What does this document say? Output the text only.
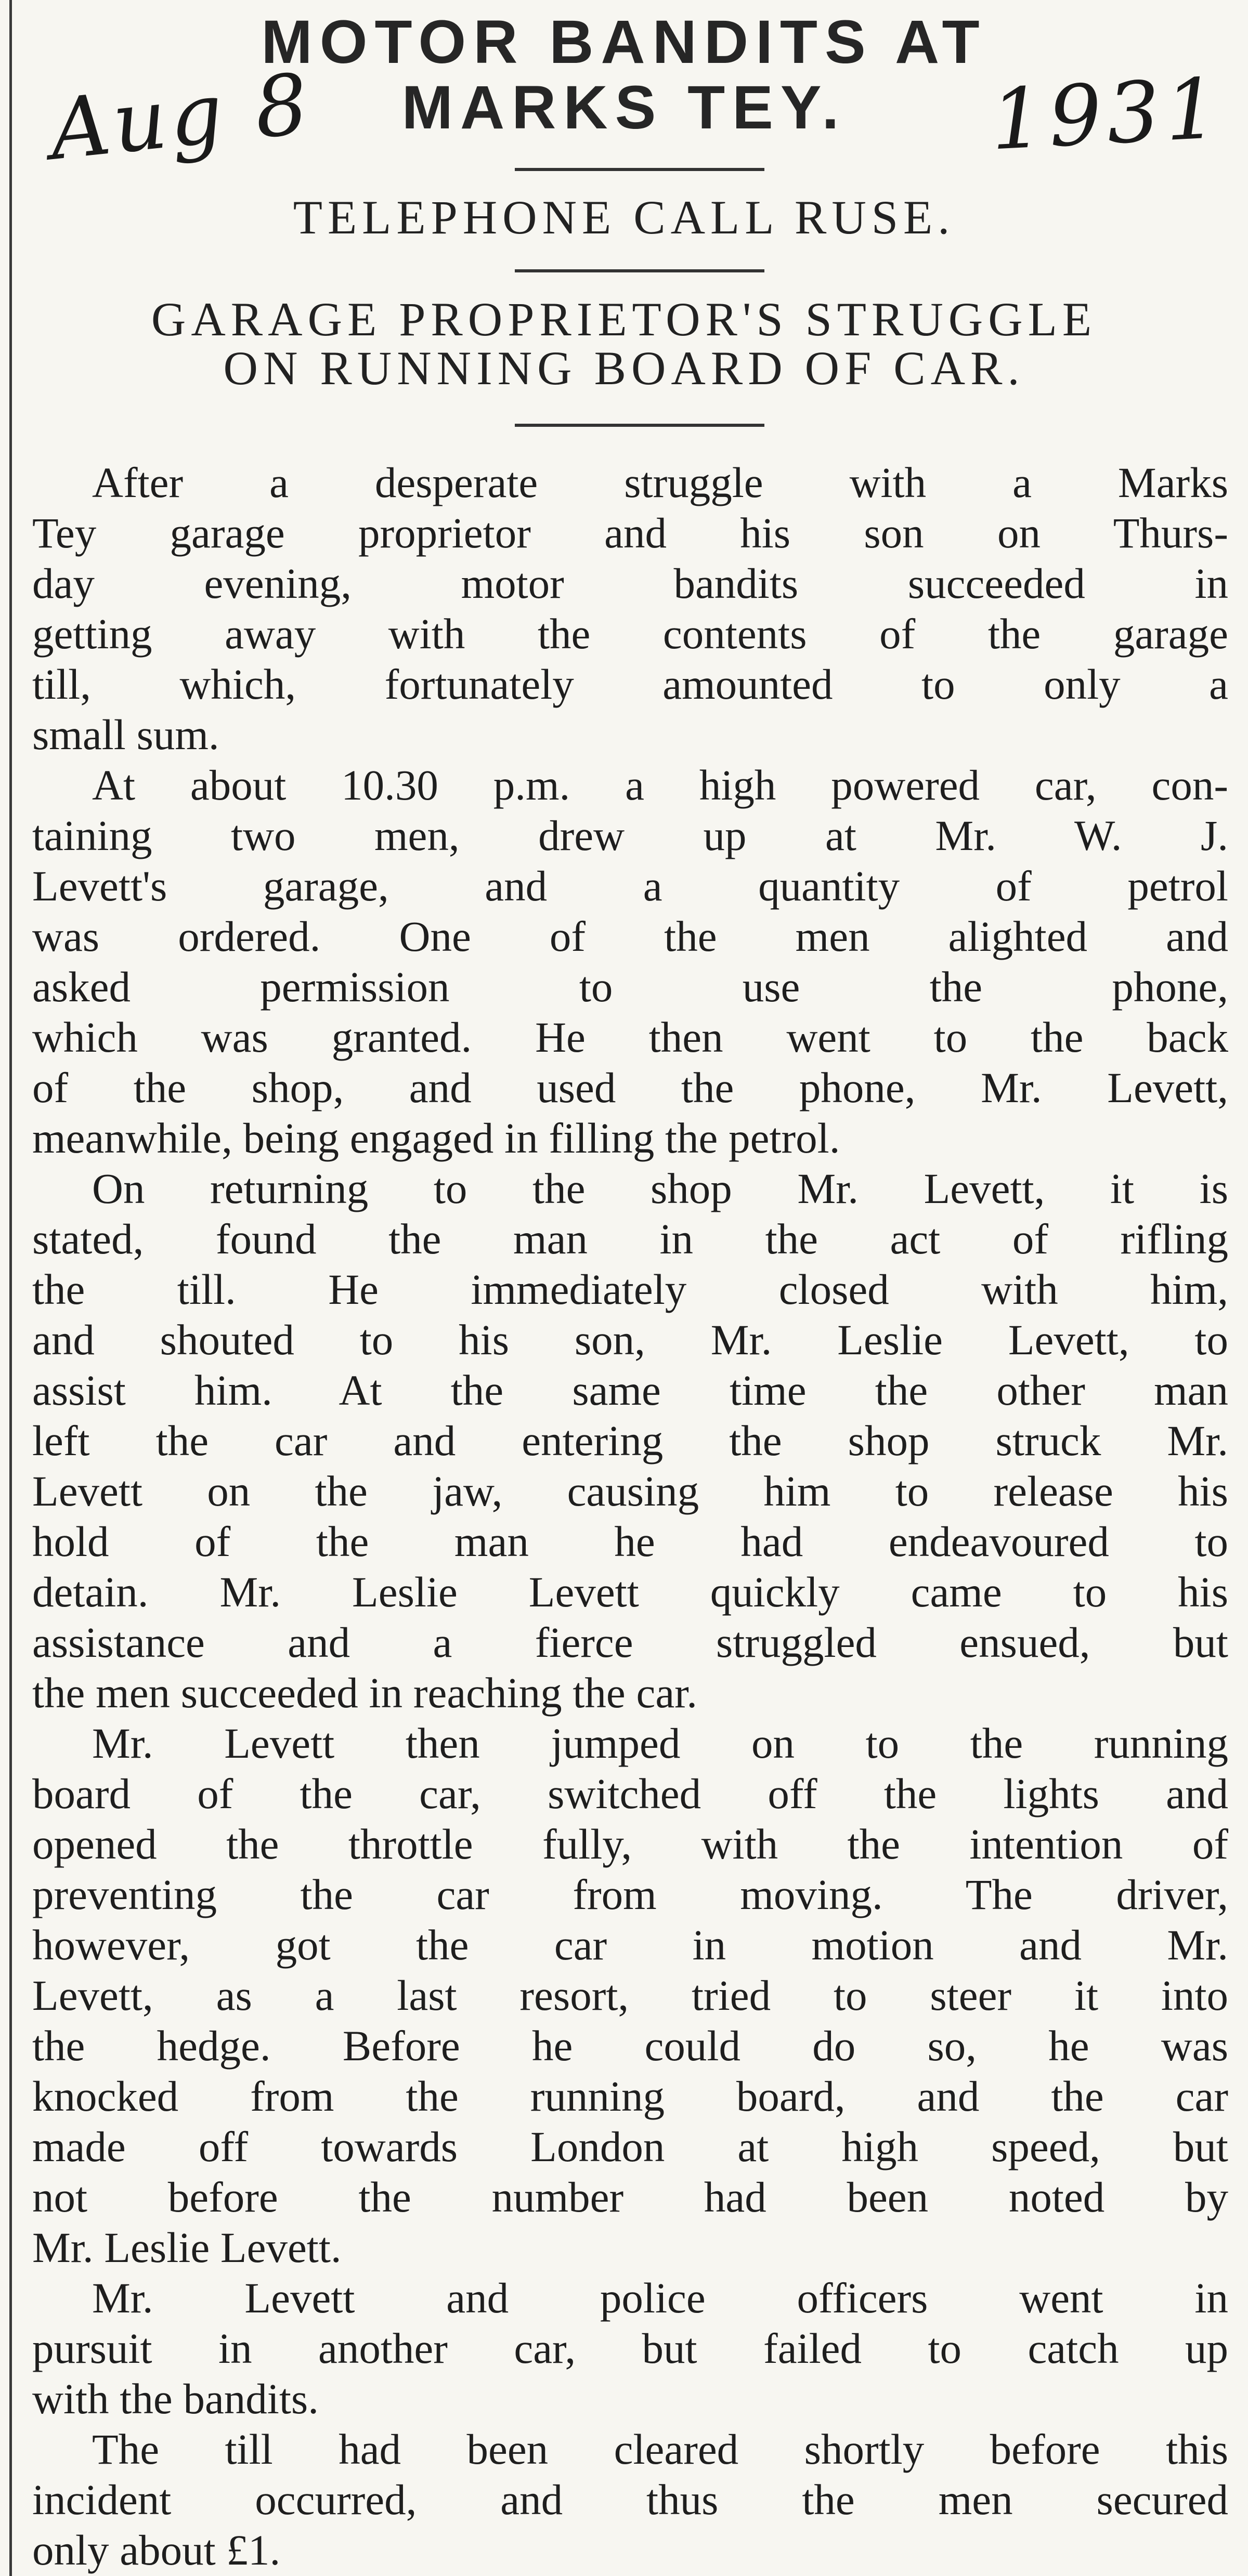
MOTOR BANDITS AT
MARKS TEY.
Aug 8	1931
TELEPHONE CALL RUSE.
GARAGE PROPRIETOR'S STRUGGLE
ON RUNNING BOARD OF CAR.
After a desperate struggle with a Marks
Tey garage proprietor and his son on Thurs-
day evening, motor bandits succeeded in
getting away with the contents of the garage
till, which, fortunately amounted to only a
small sum.
At about 10.30 p.m. a high powered car, con-
taining two men, drew up at Mr. W. J.
Levett's garage, and a quantity of petrol
was ordered. One of the men alighted and
asked permission to use the phone,
which was granted. He then went to the back
of the shop, and used the phone, Mr. Levett,
meanwhile, being engaged in filling the petrol.
On returning to the shop Mr. Levett, it is
stated, found the man in the act of rifling
the till. He immediately closed with him,
and shouted to his son, Mr. Leslie Levett, to
assist him. At the same time the other man
left the car and entering the shop struck Mr.
Levett on the jaw, causing him to release his
hold of the man he had endeavoured to
detain. Mr. Leslie Levett quickly came to his
assistance and a fierce struggled ensued, but
the men succeeded in reaching the car.
Mr. Levett then jumped on to the running
board of the car, switched off the lights and
opened the throttle fully, with the intention of
preventing the car from moving. The driver,
however, got the car in motion and Mr.
Levett, as a last resort, tried to steer it into
the hedge. Before he could do so, he was
knocked from the running board, and the car
made off towards London at high speed, but
not before the number had been noted by
Mr. Leslie Levett.
Mr. Levett and police officers went in
pursuit in another car, but failed to catch up
with the bandits.
The till had been cleared shortly before this
incident occurred, and thus the men secured
only about £1.
